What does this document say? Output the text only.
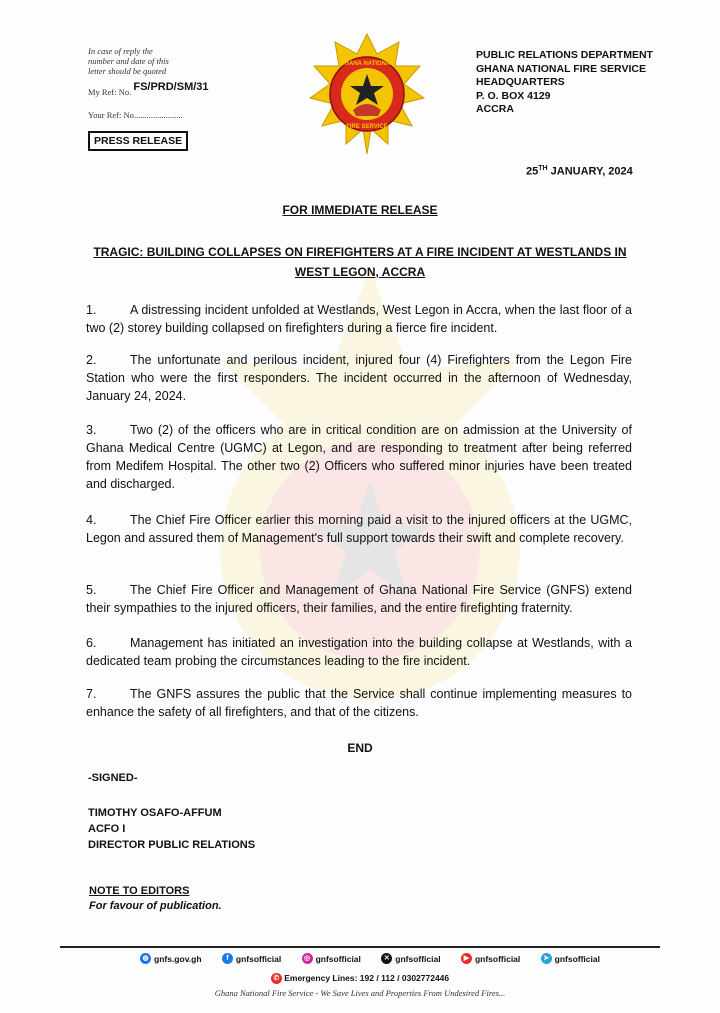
In case of reply the
number and date of this
letter should be quoted
My Ref: No. FS/PRD/SM/31
Your Ref: No.......................
PRESS RELEASE
GHANA NATIONAL
FIRE SERVICE
PUBLIC RELATIONS DEPARTMENT
GHANA NATIONAL FIRE SERVICE
HEADQUARTERS
P. O. BOX 4129
ACCRA
25TH JANUARY, 2024
FOR IMMEDIATE RELEASE
TRAGIC: BUILDING COLLAPSES ON FIREFIGHTERS AT A FIRE INCIDENT AT WESTLANDS IN
WEST LEGON, ACCRA
1.	A distressing incident unfolded at Westlands, West Legon in Accra, when the last floor of a two (2) storey building collapsed on firefighters during a fierce fire incident.
2.	The unfortunate and perilous incident, injured four (4) Firefighters from the Legon Fire Station who were the first responders. The incident occurred in the afternoon of Wednesday, January 24, 2024.
3.	Two (2) of the officers who are in critical condition are on admission at the University of Ghana Medical Centre (UGMC) at Legon, and are responding to treatment after being referred from Medifem Hospital. The other two (2) Officers who suffered minor injuries have been treated and discharged.
4.	The Chief Fire Officer earlier this morning paid a visit to the injured officers at the UGMC, Legon and assured them of Management's full support towards their swift and complete recovery.
5.	The Chief Fire Officer and Management of Ghana National Fire Service (GNFS) extend their sympathies to the injured officers, their families, and the entire firefighting fraternity.
6.	Management has initiated an investigation into the building collapse at Westlands, with a dedicated team probing the circumstances leading to the fire incident.
7.	The GNFS assures the public that the Service shall continue implementing measures to enhance the safety of all firefighters, and that of the citizens.
END
-SIGNED-
TIMOTHY OSAFO-AFFUM
ACFO I
DIRECTOR PUBLIC RELATIONS
NOTE TO EDITORS
For favour of publication.
◍ gnfs.gov.gh	f gnfsofficial	◎ gnfsofficial	✕ gnfsofficial	▶ gnfsofficial	➤ gnfsofficial
✆ Emergency Lines: 192 / 112 / 0302772446
Ghana National Fire Service - We Save Lives and Properties From Undesired Fires...
